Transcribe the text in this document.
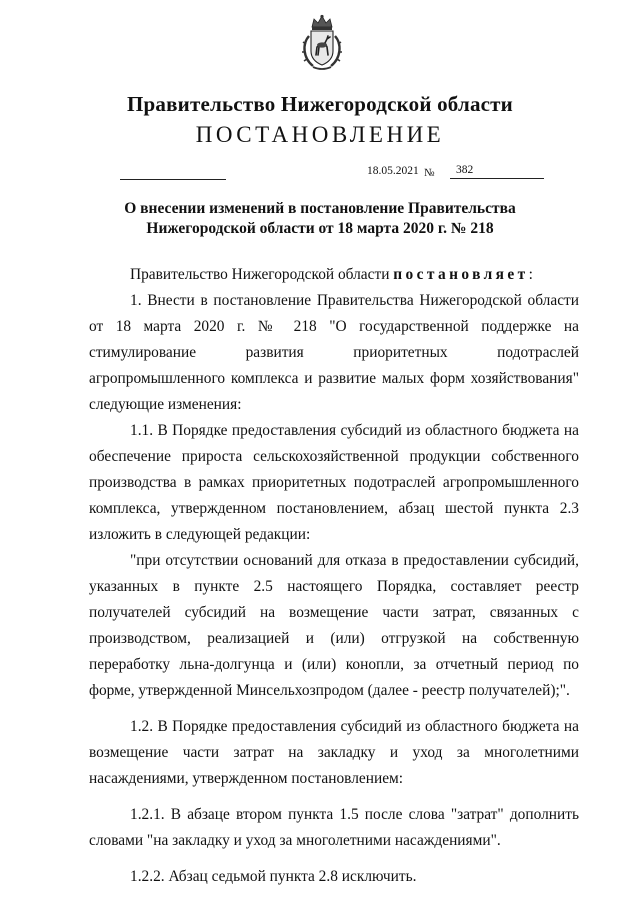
Правительство Нижегородской области
ПОСТАНОВЛЕНИЕ
18.05.2021 №	382
О внесении изменений в постановление Правительства
Нижегородской области от 18 марта 2020 г. № 218

Правительство Нижегородской области постановляет:

1. Внести в постановление Правительства Нижегородской области от 18 марта 2020 г. № 218 "О государственной поддержке на стимулирование развития приоритетных подотраслей агропромышленного комплекса и развитие малых форм хозяйствования" следующие изменения:

1.1. В Порядке предоставления субсидий из областного бюджета на обеспечение прироста сельскохозяйственной продукции собственного производства в рамках приоритетных подотраслей агропромышленного комплекса, утвержденном постановлением, абзац шестой пункта 2.3 изложить в следующей редакции:

"при отсутствии оснований для отказа в предоставлении субсидий, указанных в пункте 2.5 настоящего Порядка, составляет реестр получателей субсидий на возмещение части затрат, связанных с производством, реализацией и (или) отгрузкой на собственную переработку льна-долгунца и (или) конопли, за отчетный период по форме, утвержденной Минсельхозпродом (далее - реестр получателей);".

1.2. В Порядке предоставления субсидий из областного бюджета на возмещение части затрат на закладку и уход за многолетними насаждениями, утвержденном постановлением:

1.2.1. В абзаце втором пункта 1.5 после слова "затрат" дополнить словами "на закладку и уход за многолетними насаждениями".

1.2.2. Абзац седьмой пункта 2.8 исключить.
